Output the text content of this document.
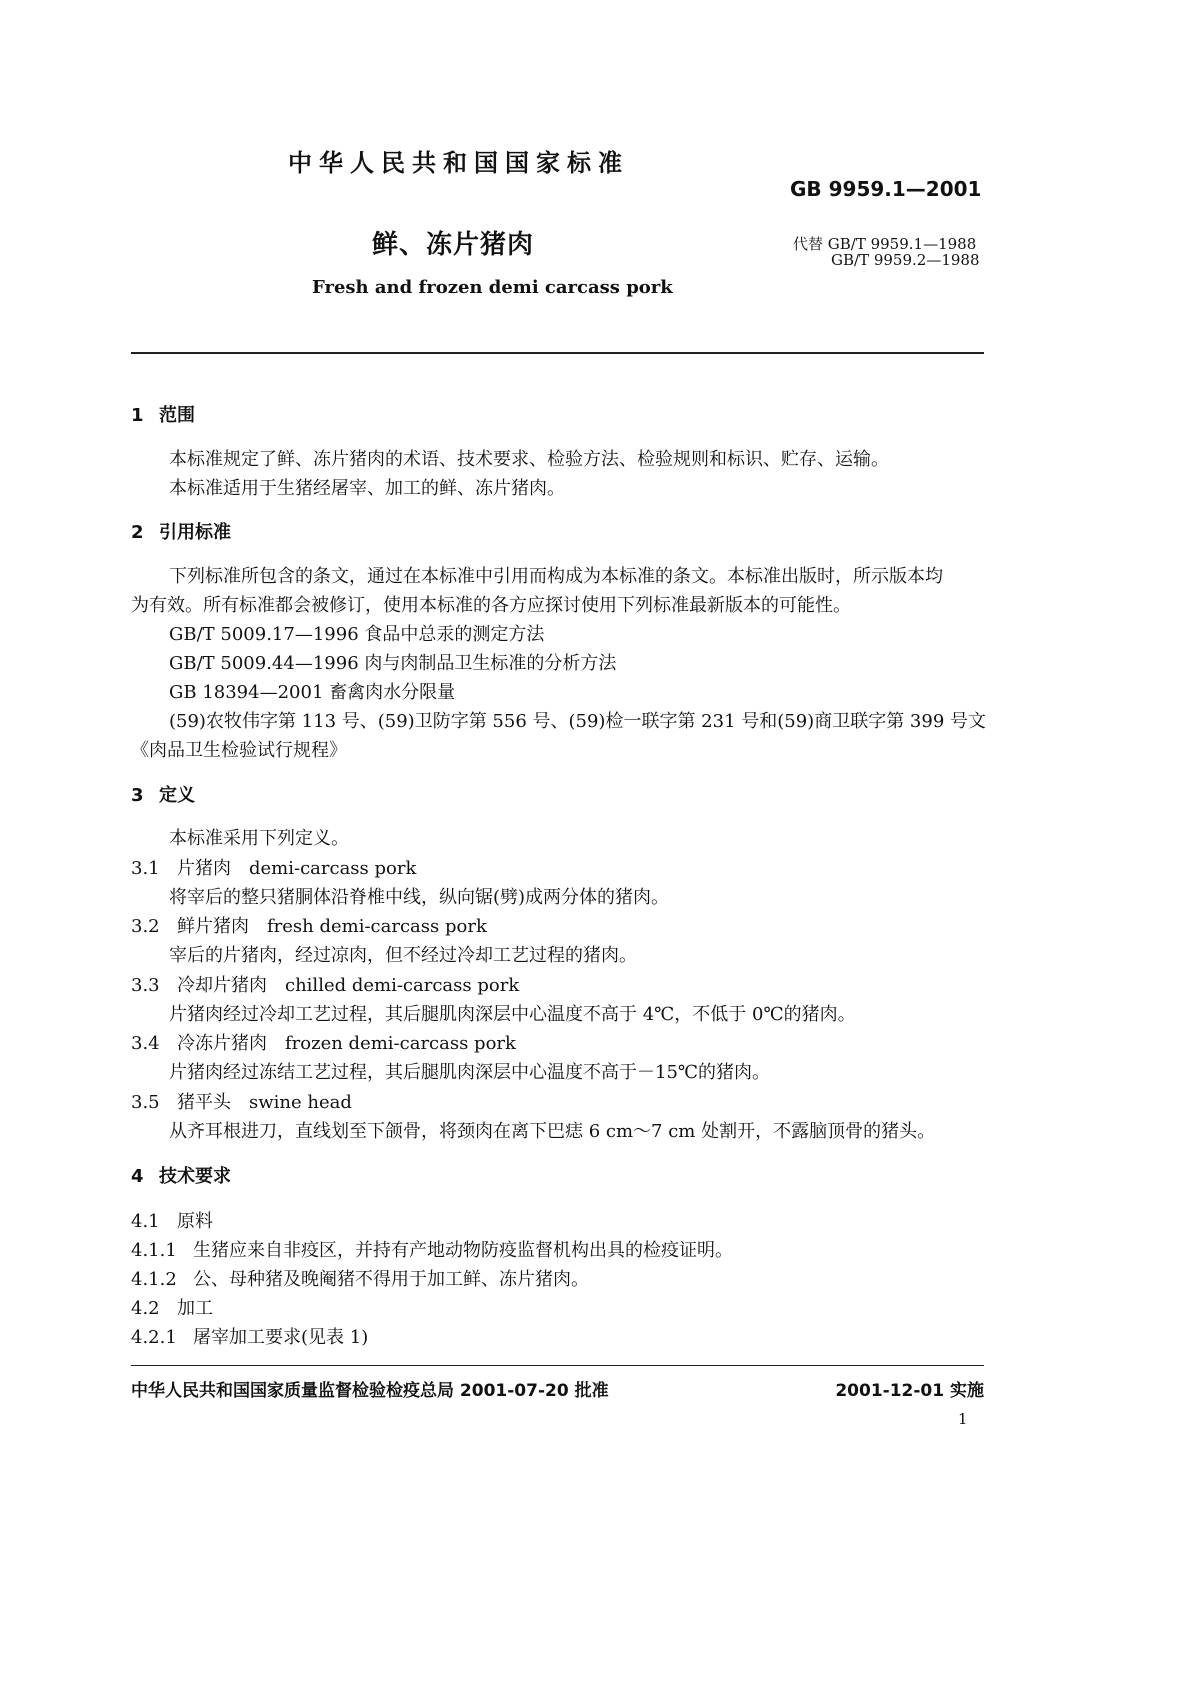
中华人民共和国国家标准
GB 9959.1—2001
鲜、冻片猪肉	代替 GB/T 9959.1—1988
GB/T 9959.2—1988
Fresh and frozen demi carcass pork
1 范围
本标准规定了鲜、冻片猪肉的术语、技术要求、检验方法、检验规则和标识、贮存、运输。
本标准适用于生猪经屠宰、加工的鲜、冻片猪肉。
2 引用标准
下列标准所包含的条文，通过在本标准中引用而构成为本标准的条文。本标准出版时，所示版本均
为有效。所有标准都会被修订，使用本标准的各方应探讨使用下列标准最新版本的可能性。
GB/T 5009.17—1996 食品中总汞的测定方法
GB/T 5009.44—1996 肉与肉制品卫生标准的分析方法
GB 18394—2001 畜禽肉水分限量
(59)农牧伟字第 113 号、(59)卫防字第 556 号、(59)检一联字第 231 号和(59)商卫联字第 399 号文
《肉品卫生检验试行规程》
3 定义
本标准采用下列定义。
3.1 片猪肉 demi-carcass pork
将宰后的整只猪胴体沿脊椎中线，纵向锯(劈)成两分体的猪肉。
3.2 鲜片猪肉 fresh demi-carcass pork
宰后的片猪肉，经过凉肉，但不经过冷却工艺过程的猪肉。
3.3 冷却片猪肉 chilled demi-carcass pork
片猪肉经过冷却工艺过程，其后腿肌肉深层中心温度不高于 4℃，不低于 0℃的猪肉。
3.4 冷冻片猪肉 frozen demi-carcass pork
片猪肉经过冻结工艺过程，其后腿肌肉深层中心温度不高于－15℃的猪肉。
3.5 猪平头 swine head
从齐耳根进刀，直线划至下颌骨，将颈肉在离下巴痣 6 cm～7 cm 处割开，不露脑顶骨的猪头。
4 技术要求
4.1 原料
4.1.1 生猪应来自非疫区，并持有产地动物防疫监督机构出具的检疫证明。
4.1.2 公、母种猪及晚阉猪不得用于加工鲜、冻片猪肉。
4.2 加工
4.2.1 屠宰加工要求(见表 1)
中华人民共和国国家质量监督检验检疫总局 2001-07-20 批准	2001-12-01 实施
1
